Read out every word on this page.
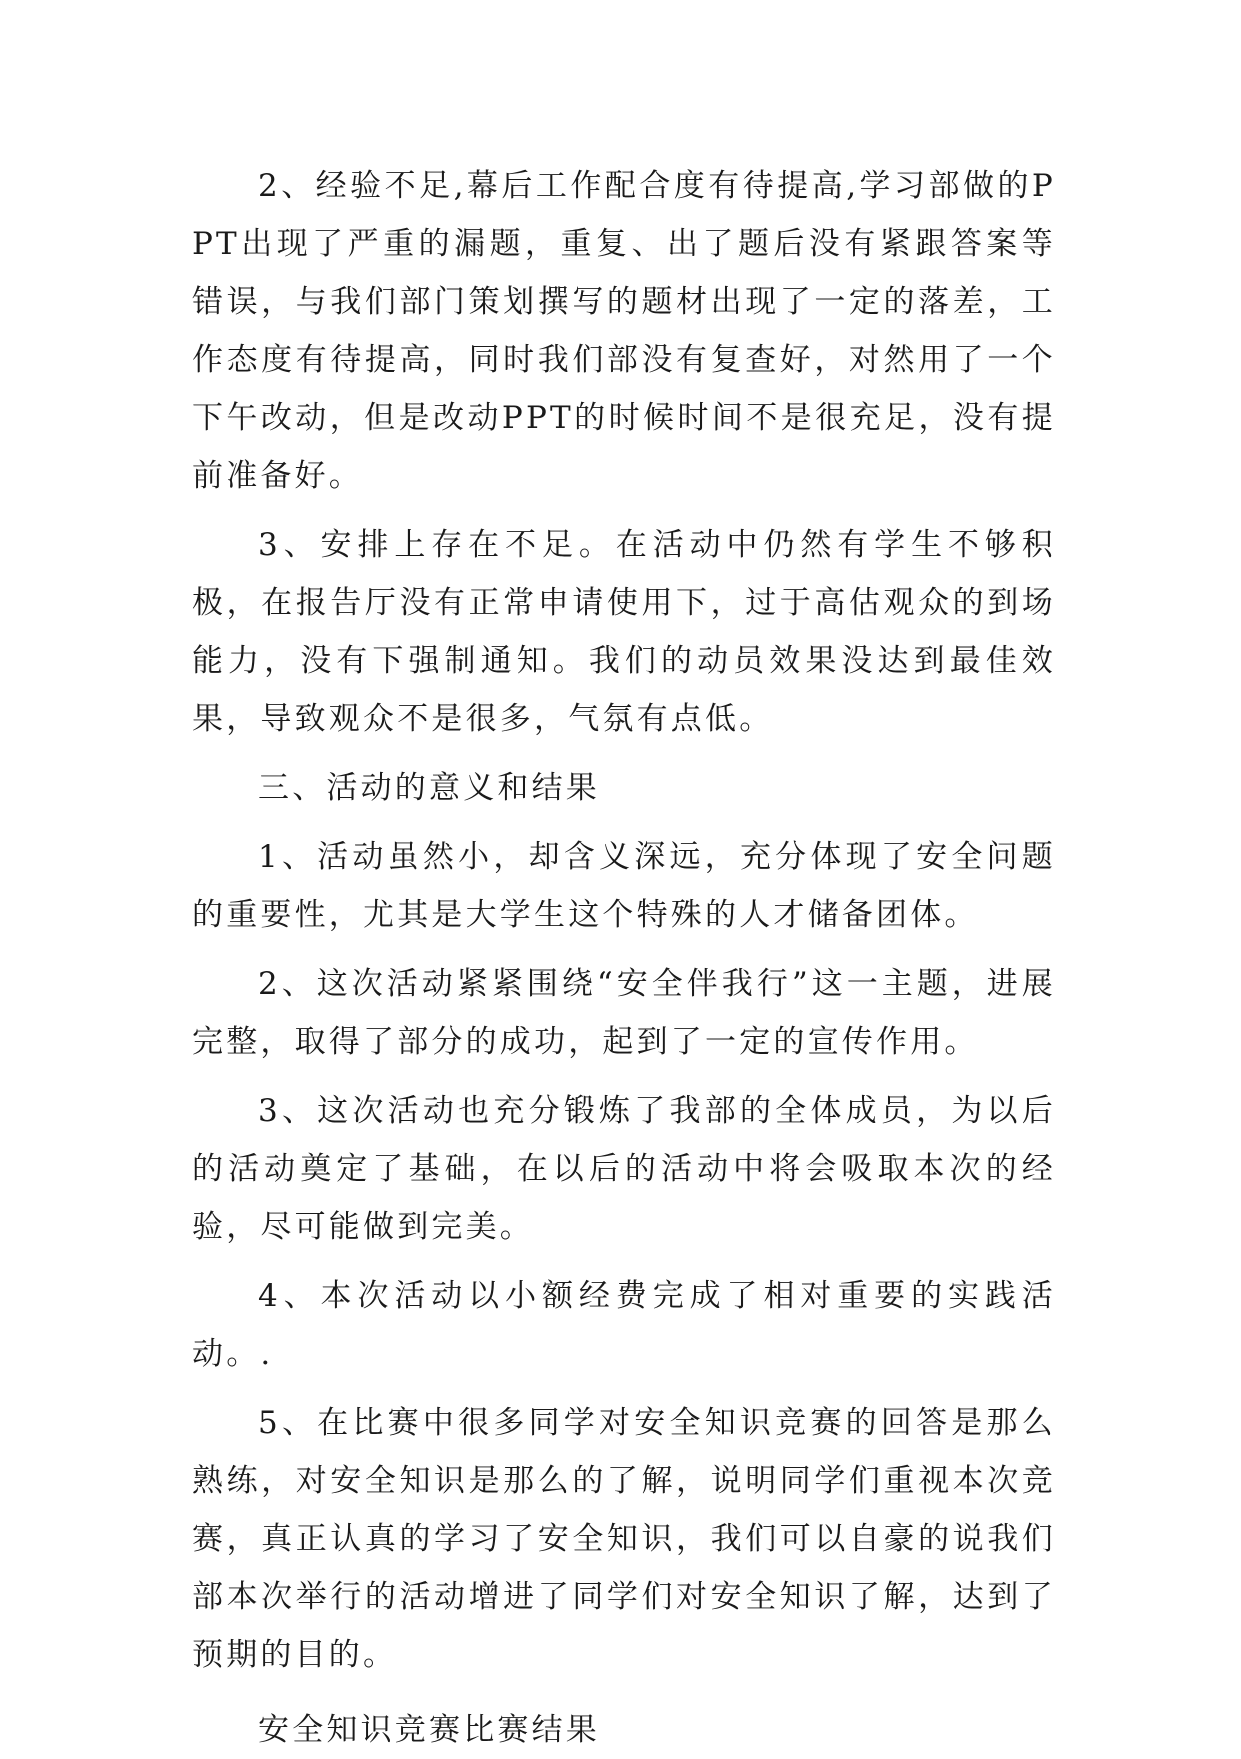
2、经验不足,幕后工作配合度有待提高,学习部做的PPT出现了严重的漏题，重复、出了题后没有紧跟答案等错误，与我们部门策划撰写的题材出现了一定的落差，工作态度有待提高，同时我们部没有复查好，对然用了一个下午改动，但是改动PPT的时候时间不是很充足，没有提前准备好。

3、安排上存在不足。在活动中仍然有学生不够积极，在报告厅没有正常申请使用下，过于高估观众的到场能力，没有下强制通知。我们的动员效果没达到最佳效果，导致观众不是很多，气氛有点低。

三、活动的意义和结果

1、活动虽然小，却含义深远，充分体现了安全问题的重要性，尤其是大学生这个特殊的人才储备团体。

2、这次活动紧紧围绕“安全伴我行”这一主题，进展完整，取得了部分的成功，起到了一定的宣传作用。

3、这次活动也充分锻炼了我部的全体成员，为以后的活动奠定了基础，在以后的活动中将会吸取本次的经验，尽可能做到完美。

4、本次活动以小额经费完成了相对重要的实践活动。.

5、在比赛中很多同学对安全知识竞赛的回答是那么熟练，对安全知识是那么的了解，说明同学们重视本次竞赛，真正认真的学习了安全知识，我们可以自豪的说我们部本次举行的活动增进了同学们对安全知识了解，达到了预期的目的。

安全知识竞赛比赛结果
